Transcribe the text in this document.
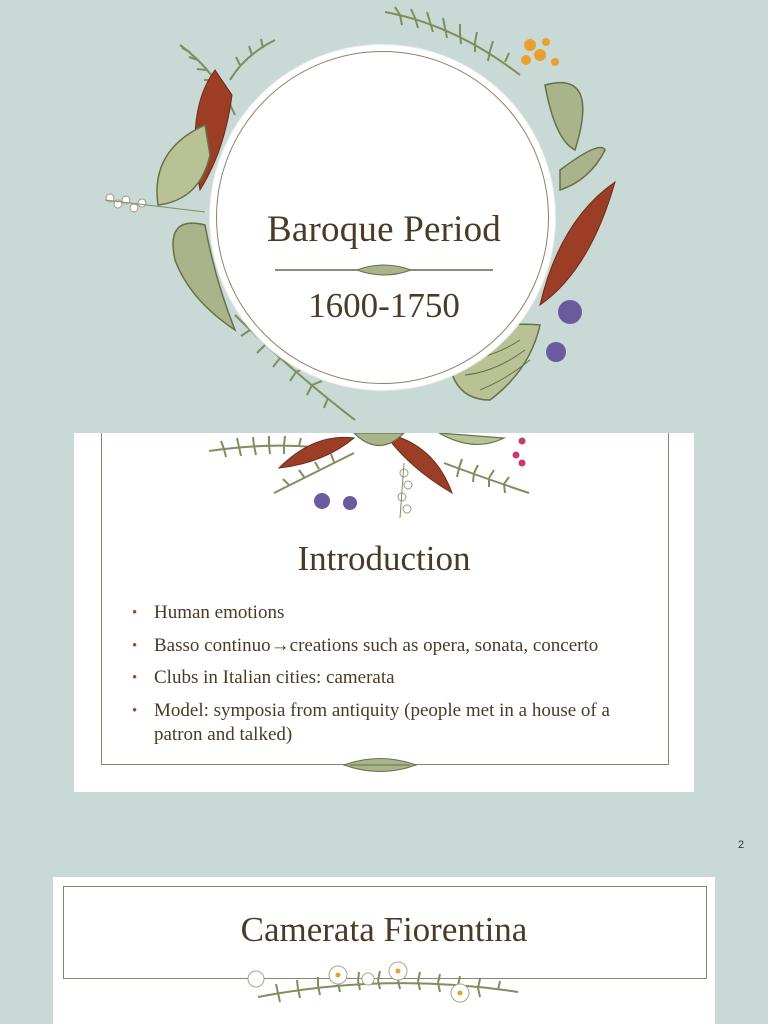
Baroque Period
1600-1750
Introduction
• Human emotions
• Basso continuo→creations such as opera, sonata, concerto
• Clubs in Italian cities: camerata
• Model: symposia from antiquity (people met in a house of a patron and talked)
2
Camerata Fiorentina
